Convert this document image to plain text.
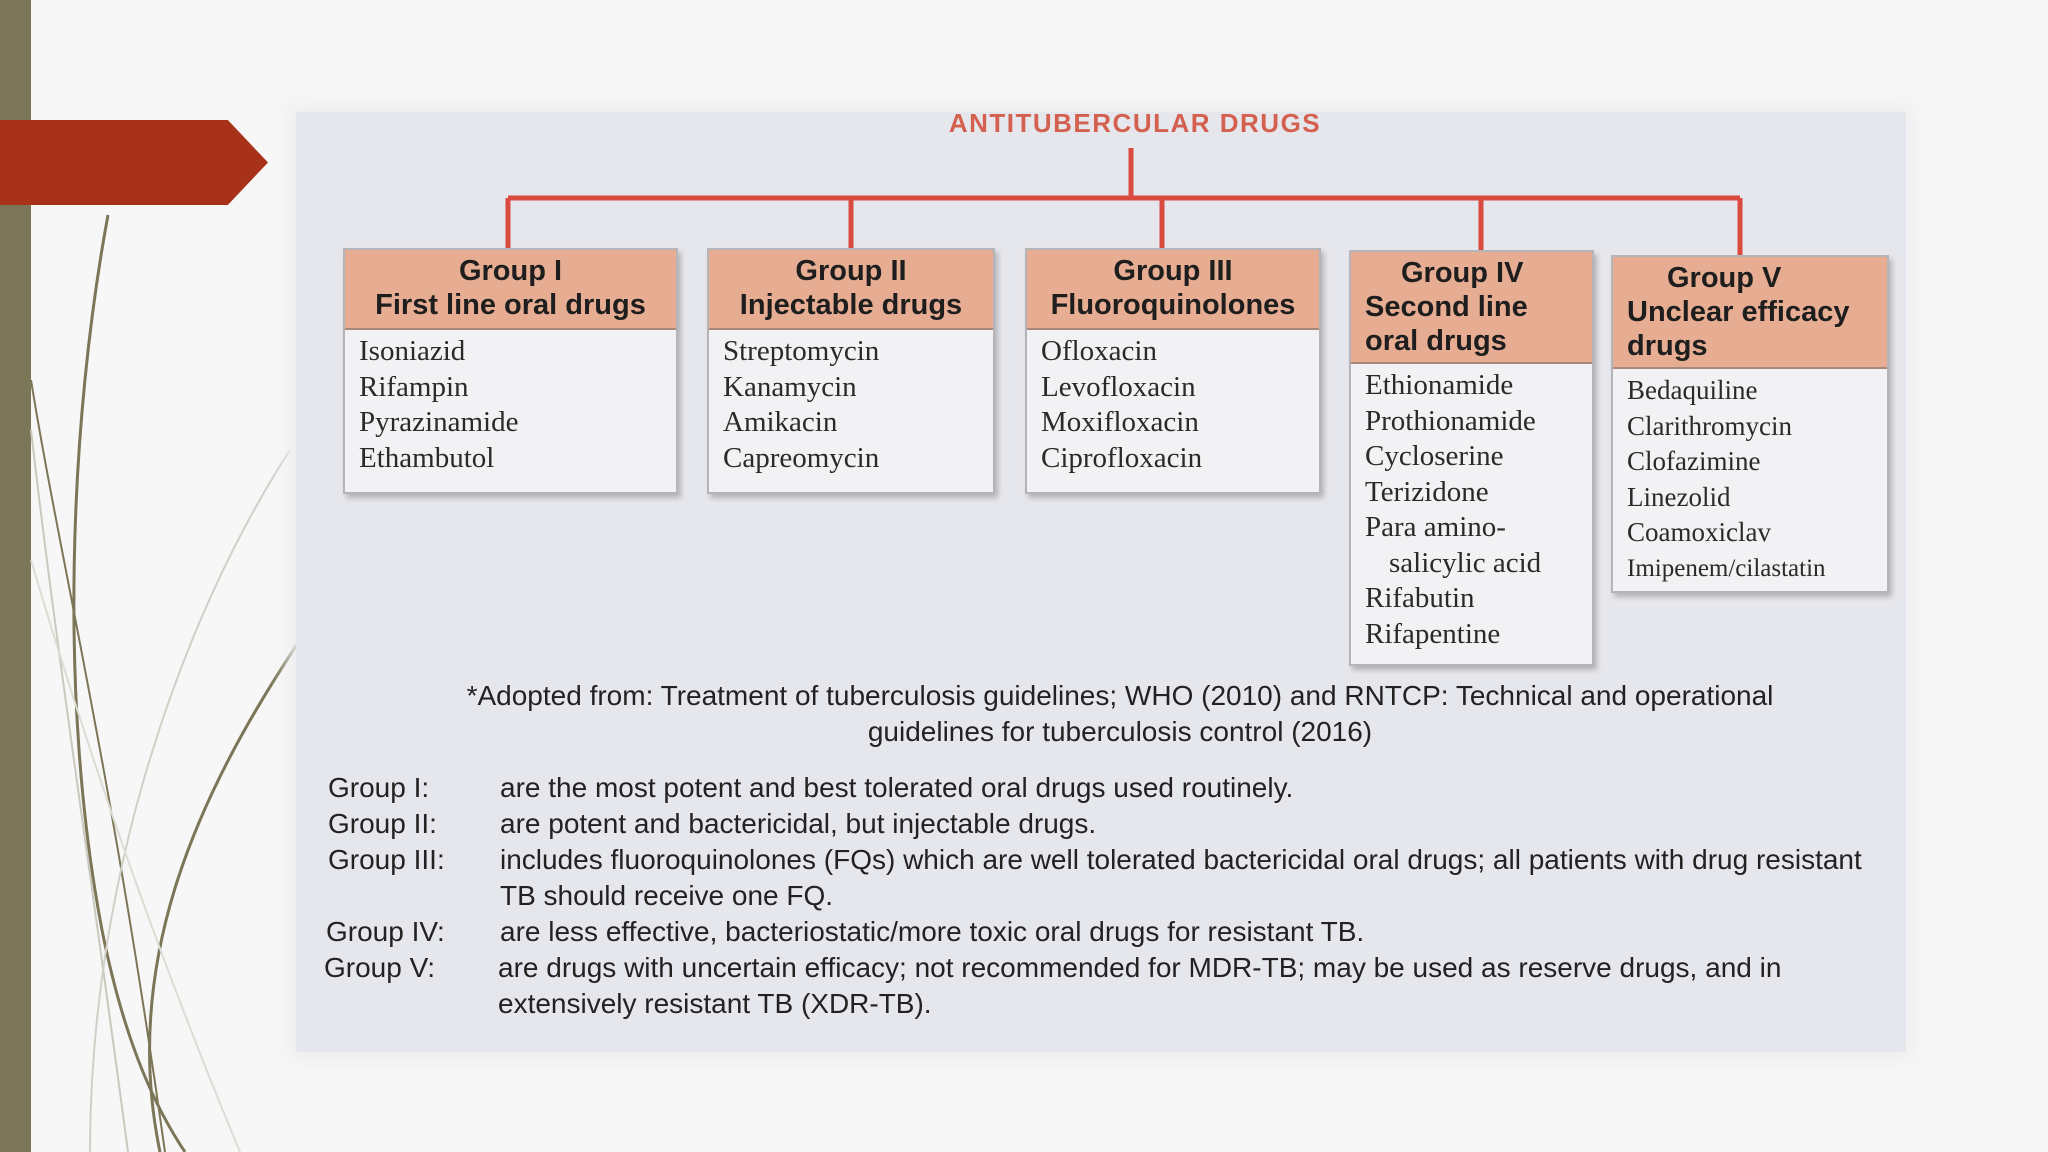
ANTITUBERCULAR DRUGS
Group I
First line oral drugs
Isoniazid
Rifampin
Pyrazinamide
Ethambutol
Group II
Injectable drugs
Streptomycin
Kanamycin
Amikacin
Capreomycin
Group III
Fluoroquinolones
Ofloxacin
Levofloxacin
Moxifloxacin
Ciprofloxacin
Group IV
Second line
oral drugs
Ethionamide
Prothionamide
Cycloserine
Terizidone
Para amino-
salicylic acid
Rifabutin
Rifapentine
Group V
Unclear efficacy
drugs
Bedaquiline
Clarithromycin
Clofazimine
Linezolid
Coamoxiclav
Imipenem/cilastatin
*Adopted from: Treatment of tuberculosis guidelines; WHO (2010) and RNTCP: Technical and operational
guidelines for tuberculosis control (2016)
Group I:	are the most potent and best tolerated oral drugs used routinely.
Group II: are potent and bactericidal, but injectable drugs.
Group III: includes fluoroquinolones (FQs) which are well tolerated bactericidal oral drugs; all patients with drug resistant TB should receive one FQ.
Group IV: are less effective, bacteriostatic/more toxic oral drugs for resistant TB.
Group V: are drugs with uncertain efficacy; not recommended for MDR-TB; may be used as reserve drugs, and in extensively resistant TB (XDR-TB).
